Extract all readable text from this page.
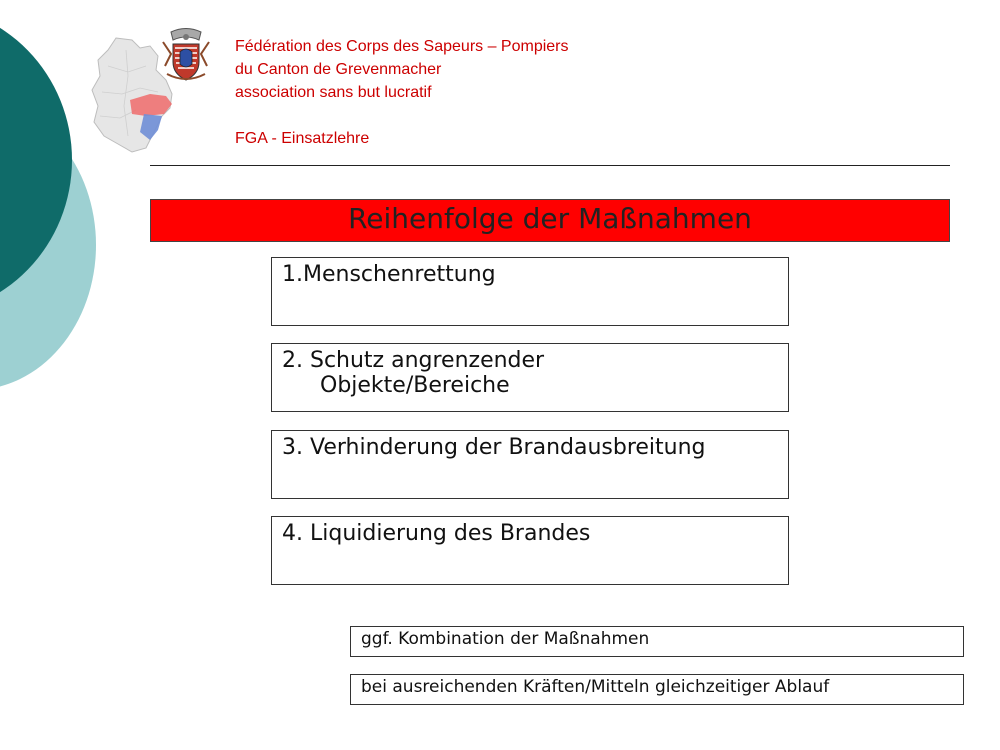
Fédération des Corps des Sapeurs – Pompiers
du Canton de Grevenmacher
association sans but lucratif
FGA - Einsatzlehre
Reihenfolge der Maßnahmen
1.Menschenrettung
2. Schutz angrenzender
Objekte/Bereiche
3. Verhinderung der Brandausbreitung
4. Liquidierung des Brandes
ggf. Kombination der Maßnahmen
bei ausreichenden Kräften/Mitteln gleichzeitiger Ablauf
